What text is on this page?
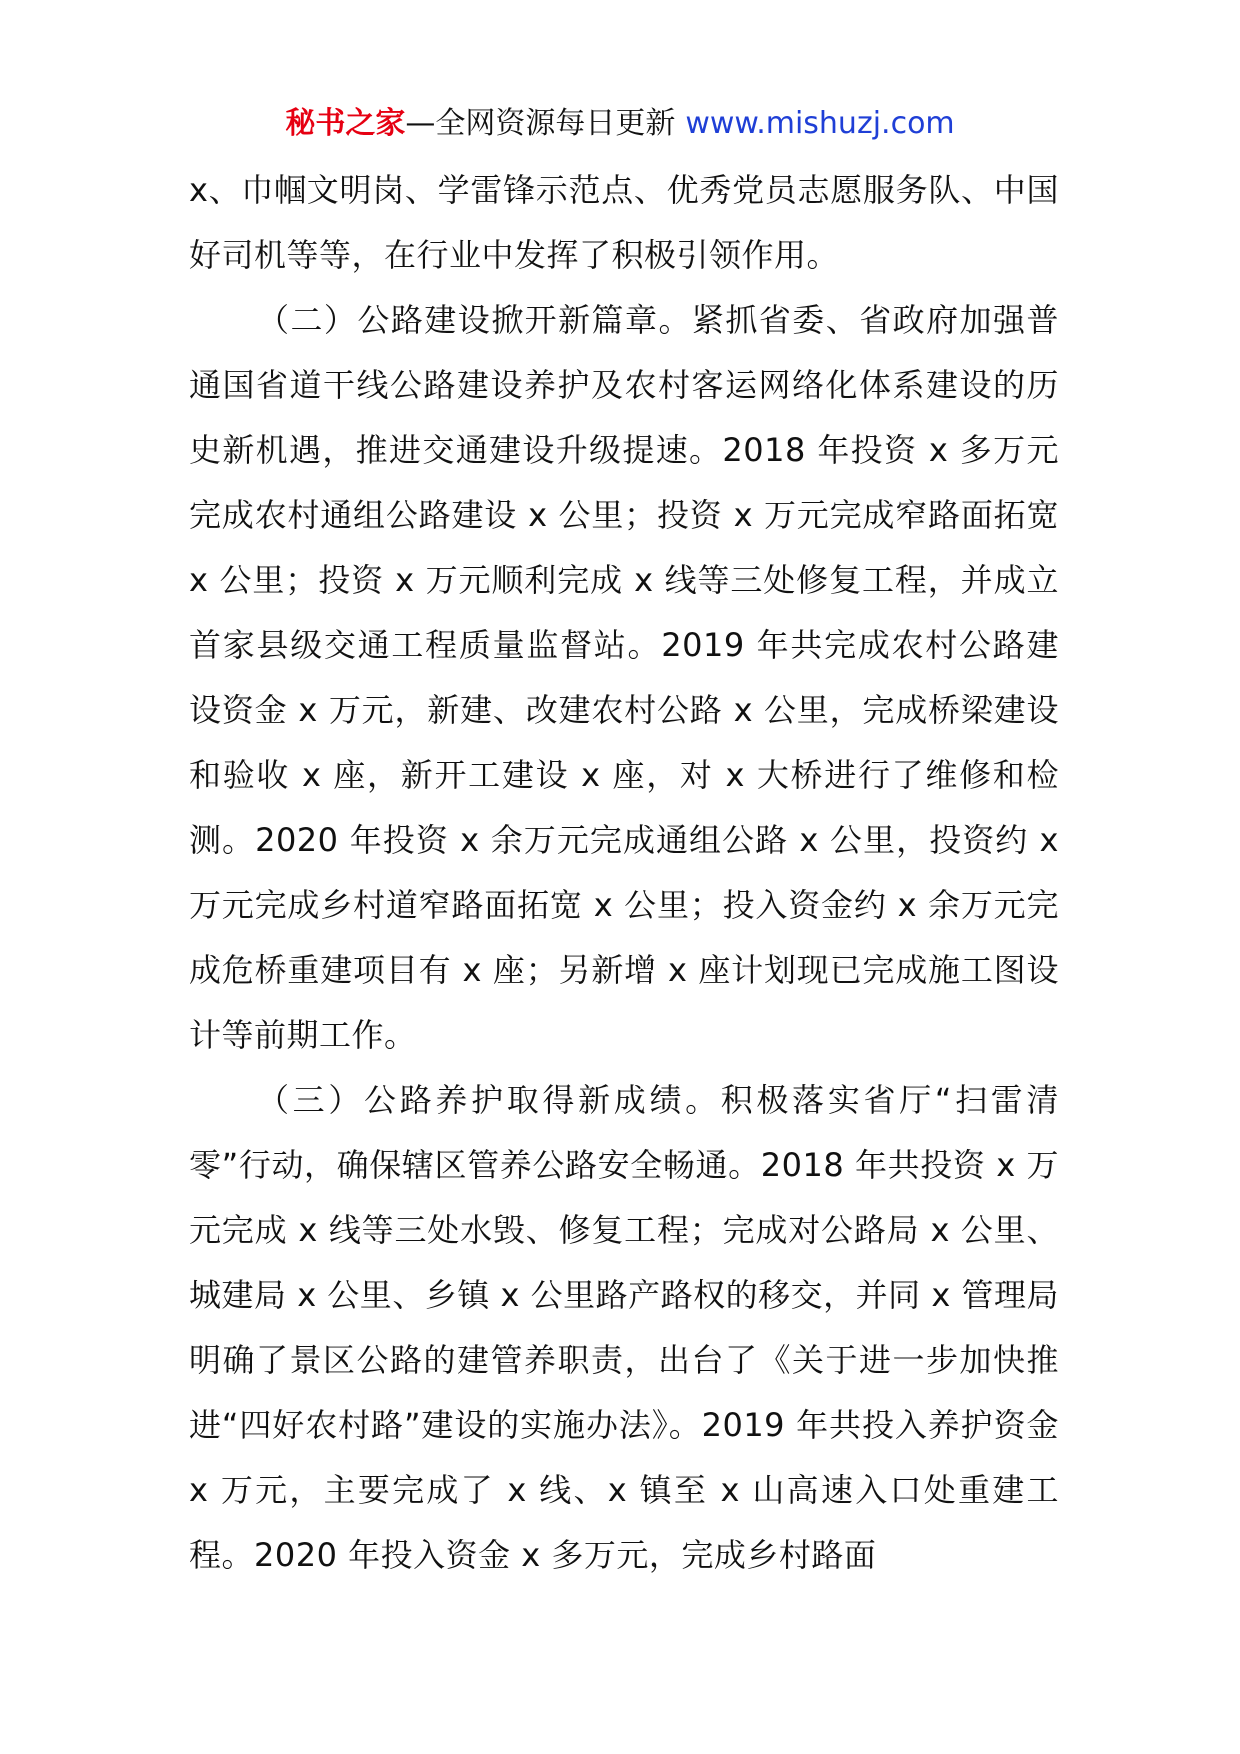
秘书之家—全网资源每日更新 www.mishuzj.com

x、巾帼文明岗、学雷锋示范点、优秀党员志愿服务队、中国好司机等等，在行业中发挥了积极引领作用。

（二）公路建设掀开新篇章。紧抓省委、省政府加强普通国省道干线公路建设养护及农村客运网络化体系建设的历史新机遇，推进交通建设升级提速。2018 年投资 x 多万元完成农村通组公路建设 x 公里；投资 x 万元完成窄路面拓宽 x 公里；投资 x 万元顺利完成 x 线等三处修复工程，并成立首家县级交通工程质量监督站。2019 年共完成农村公路建设资金 x 万元，新建、改建农村公路 x 公里，完成桥梁建设和验收 x 座，新开工建设 x 座，对 x 大桥进行了维修和检测。2020 年投资 x 余万元完成通组公路 x 公里，投资约 x 万元完成乡村道窄路面拓宽 x 公里；投入资金约 x 余万元完成危桥重建项目有 x 座；另新增 x 座计划现已完成施工图设计等前期工作。

（三）公路养护取得新成绩。积极落实省厅“扫雷清零”行动，确保辖区管养公路安全畅通。2018 年共投资 x 万元完成 x 线等三处水毁、修复工程；完成对公路局 x 公里、城建局 x 公里、乡镇 x 公里路产路权的移交，并同 x 管理局明确了景区公路的建管养职责，出台了《关于进一步加快推进“四好农村路”建设的实施办法》。2019 年共投入养护资金 x 万元，主要完成了 x 线、x 镇至 x 山高速入口处重建工程。2020 年投入资金 x 多万元，完成乡村路面
